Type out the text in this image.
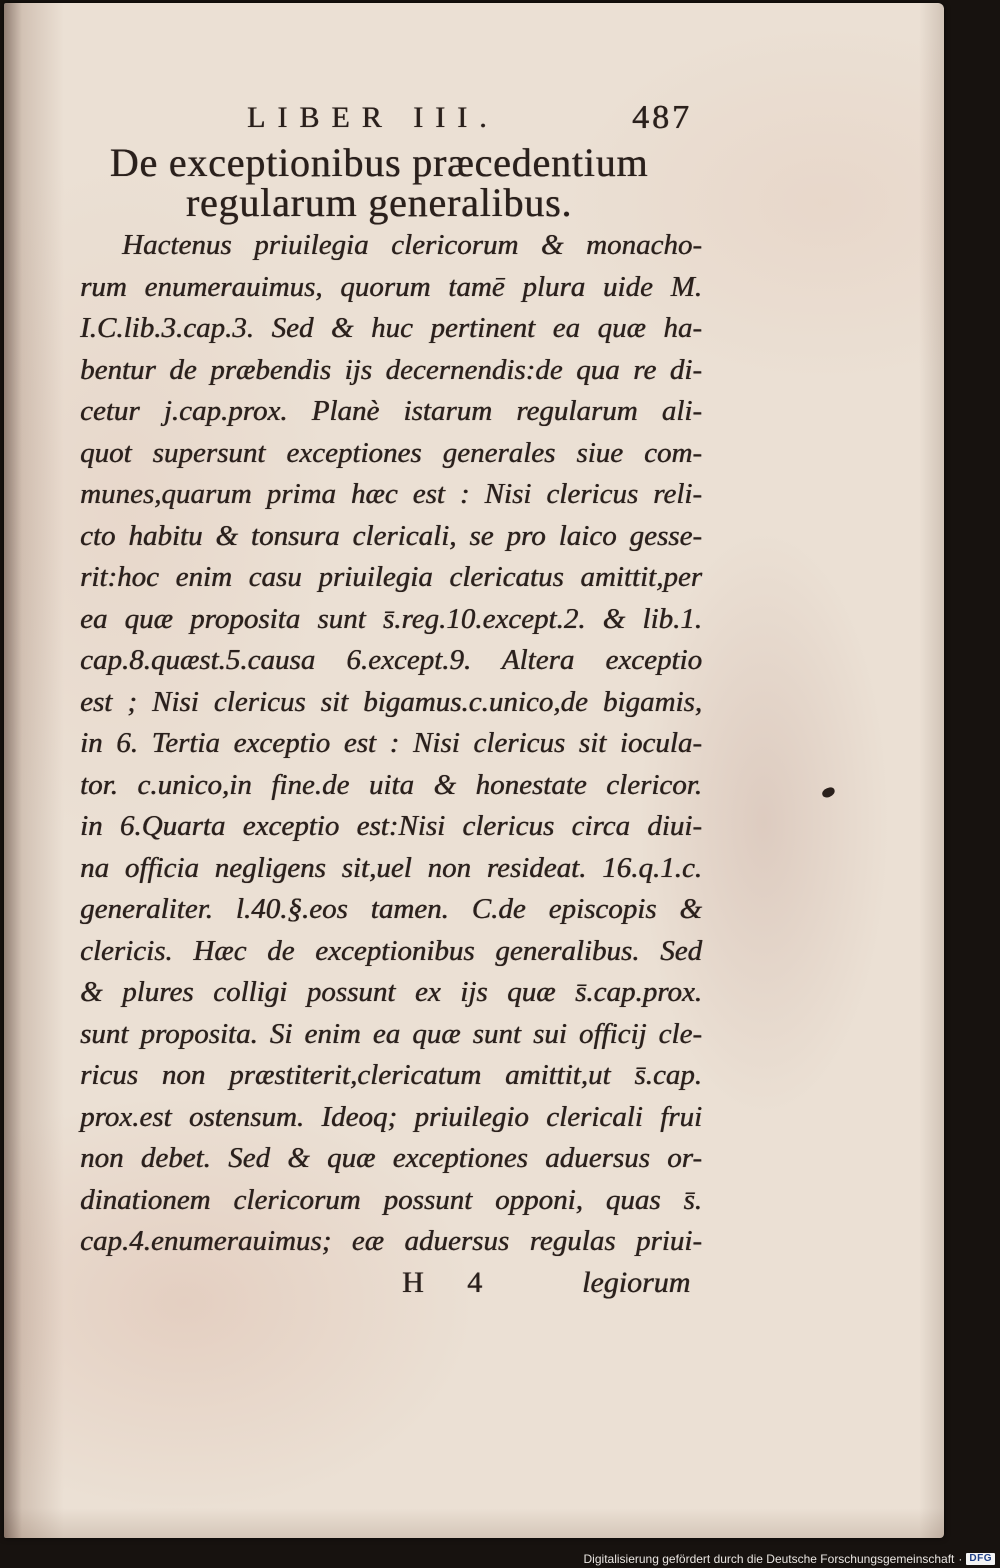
LIBER III.	487
De exceptionibus præcedentium
regularum generalibus.
Hactenus priuilegia clericorum & monacho-
rum enumerauimus, quorum tamē plura uide M.
I.C.lib.3.cap.3. Sed & huc pertinent ea quæ ha-
bentur de præbendis ijs decernendis:de qua re di-
cetur j.cap.prox. Planè istarum regularum ali-
quot supersunt exceptiones generales siue com-
munes,quarum prima hæc est : Nisi clericus reli-
cto habitu & tonsura clericali, se pro laico gesse-
rit:hoc enim casu priuilegia clericatus amittit,per
ea quæ proposita sunt s̄.reg.10.except.2. & lib.1.
cap.8.quæst.5.causa 6.except.9. Altera exceptio
est ; Nisi clericus sit bigamus.c.unico,de bigamis,
in 6. Tertia exceptio est : Nisi clericus sit iocula-
tor. c.unico,in fine.de uita & honestate clericor.
in 6.Quarta exceptio est:Nisi clericus circa diui-
na officia negligens sit,uel non resideat. 16.q.1.c.
generaliter. l.40.§.eos tamen. C.de episcopis &
clericis. Hæc de exceptionibus generalibus. Sed
& plures colligi possunt ex ijs quæ s̄.cap.prox.
sunt proposita. Si enim ea quæ sunt sui officij cle-
ricus non præstiterit,clericatum amittit,ut s̄.cap.
prox.est ostensum. Ideoq; priuilegio clericali frui
non debet. Sed & quæ exceptiones aduersus or-
dinationem clericorum possunt opponi, quas s̄.
cap.4.enumerauimus; eæ aduersus regulas priui-
H 4	legiorum
Digitalisierung gefördert durch die Deutsche Forschungsgemeinschaft · DFG
